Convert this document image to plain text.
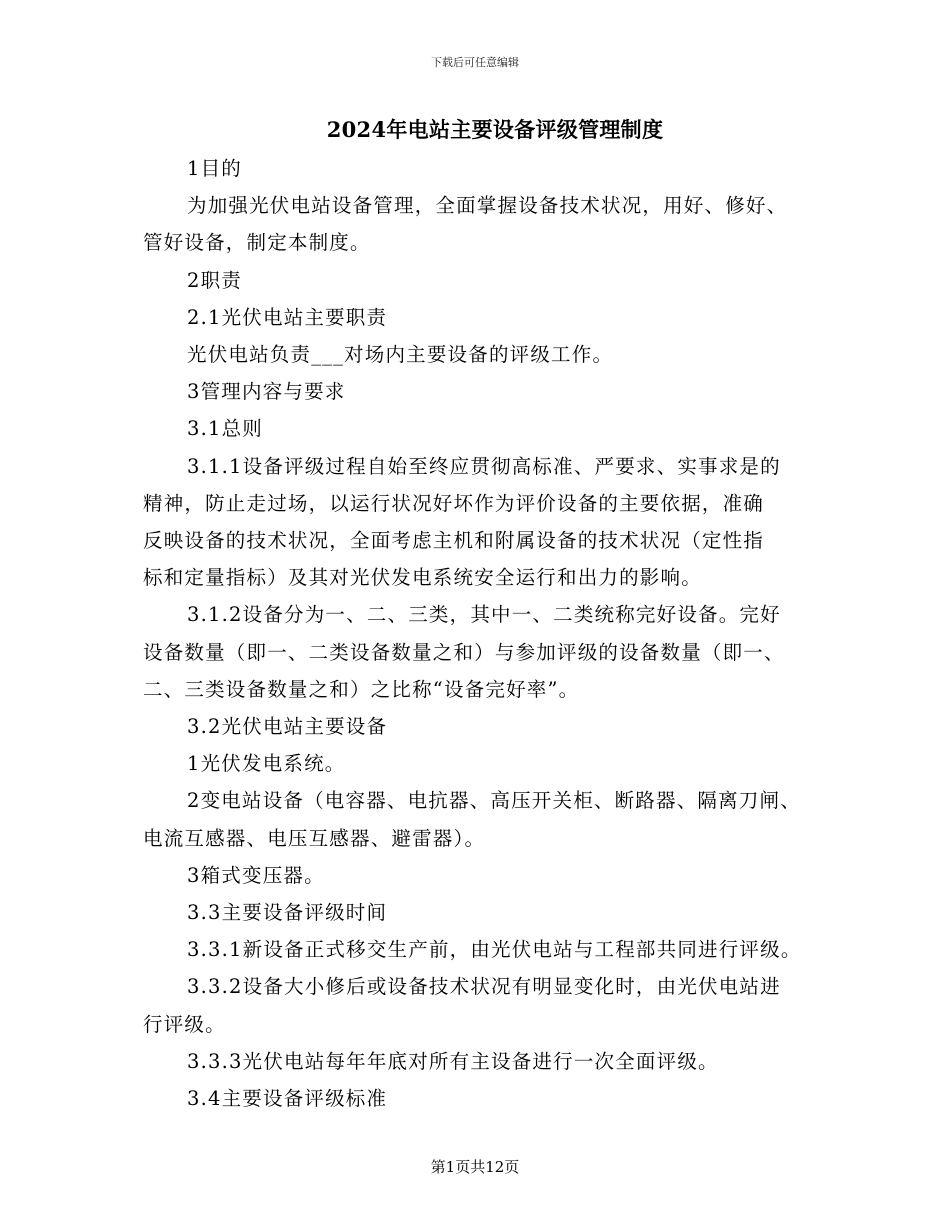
下载后可任意编辑
2024年电站主要设备评级管理制度

1目的

为加强光伏电站设备管理，全面掌握设备技术状况，用好、修好、

管好设备，制定本制度。

2职责

2.1光伏电站主要职责

光伏电站负责___对场内主要设备的评级工作。

3管理内容与要求

3.1总则

3.1.1设备评级过程自始至终应贯彻高标准、严要求、实事求是的

精神，防止走过场，以运行状况好坏作为评价设备的主要依据，准确

反映设备的技术状况，全面考虑主机和附属设备的技术状况（定性指

标和定量指标）及其对光伏发电系统安全运行和出力的影响。

3.1.2设备分为一、二、三类，其中一、二类统称完好设备。完好

设备数量（即一、二类设备数量之和）与参加评级的设备数量（即一、

二、三类设备数量之和）之比称“设备完好率”。

3.2光伏电站主要设备

1光伏发电系统。

2变电站设备（电容器、电抗器、高压开关柜、断路器、隔离刀闸、

电流互感器、电压互感器、避雷器）。

3箱式变压器。

3.3主要设备评级时间

3.3.1新设备正式移交生产前，由光伏电站与工程部共同进行评级。

3.3.2设备大小修后或设备技术状况有明显变化时，由光伏电站进

行评级。

3.3.3光伏电站每年年底对所有主设备进行一次全面评级。

3.4主要设备评级标准

第1页共12页
